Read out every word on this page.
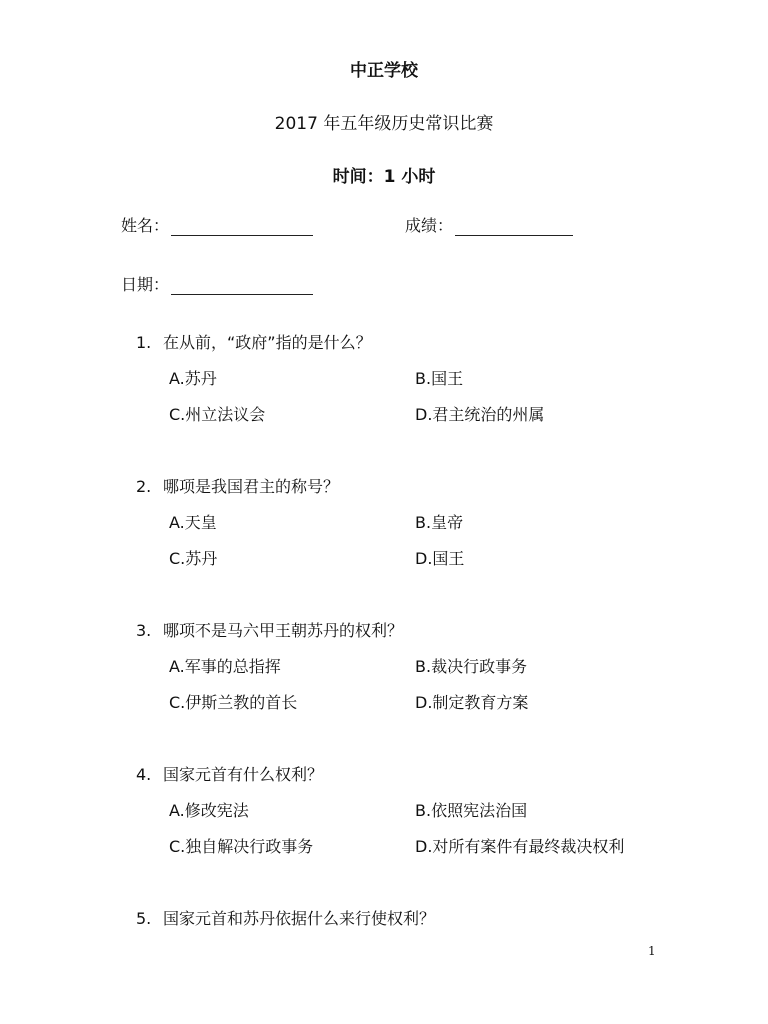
中正学校
2017 年五年级历史常识比赛
时间：1 小时
姓名：	成绩：
日期：
1. 在从前，“政府”指的是什么？
A.苏丹	B.国王
C.州立法议会	D.君主统治的州属
2. 哪项是我国君主的称号？
A.天皇	B.皇帝
C.苏丹	D.国王
3. 哪项不是马六甲王朝苏丹的权利？
A.军事的总指挥	B.裁决行政事务
C.伊斯兰教的首长	D.制定教育方案
4. 国家元首有什么权利？
A.修改宪法	B.依照宪法治国
C.独自解决行政事务	D.对所有案件有最终裁决权利
5. 国家元首和苏丹依据什么来行使权利？
1
